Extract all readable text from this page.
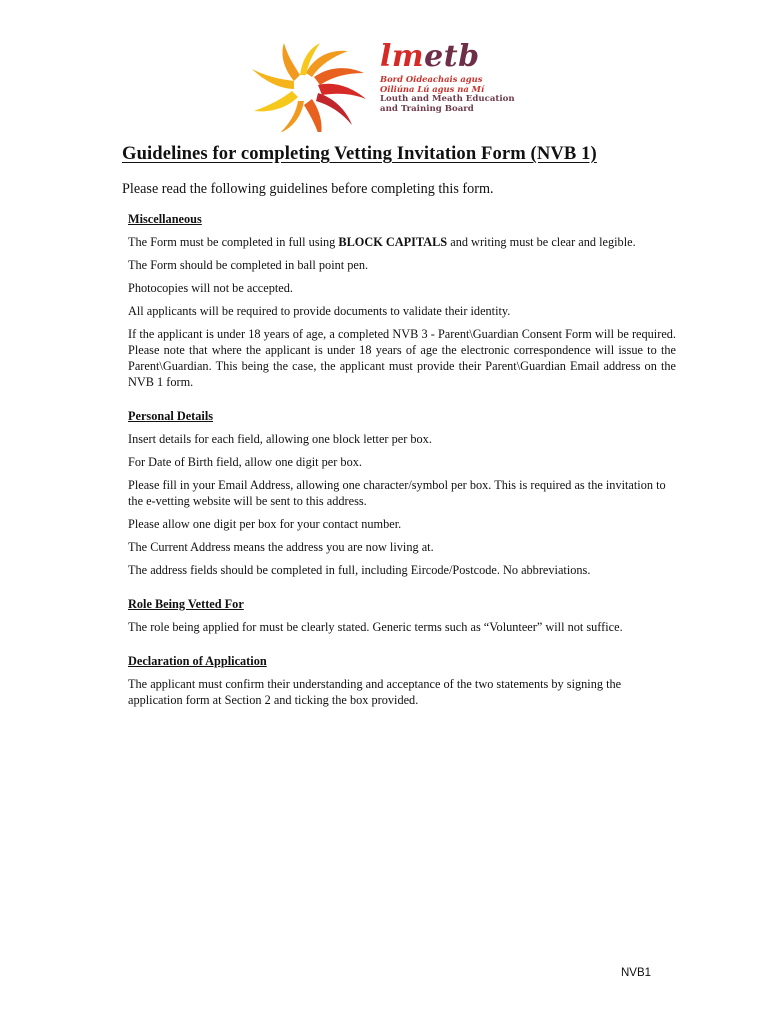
lmetb
Bord Oideachais agus
Oiliúna Lú agus na Mí
Louth and Meath Education
and Training Board
Guidelines for completing Vetting Invitation Form (NVB 1)
Please read the following guidelines before completing this form.
Miscellaneous
The Form must be completed in full using BLOCK CAPITALS and writing must be clear and legible.
The Form should be completed in ball point pen.
Photocopies will not be accepted.
All applicants will be required to provide documents to validate their identity.
If the applicant is under 18 years of age, a completed NVB 3 - Parent\Guardian Consent Form will be required. Please note that where the applicant is under 18 years of age the electronic correspondence will issue to the Parent\Guardian. This being the case, the applicant must provide their Parent\Guardian Email address on the NVB 1 form.
Personal Details
Insert details for each field, allowing one block letter per box.
For Date of Birth field, allow one digit per box.
Please fill in your Email Address, allowing one character/symbol per box. This is required as the invitation to the e-vetting website will be sent to this address.
Please allow one digit per box for your contact number.
The Current Address means the address you are now living at.
The address fields should be completed in full, including Eircode/Postcode. No abbreviations.
Role Being Vetted For
The role being applied for must be clearly stated. Generic terms such as “Volunteer” will not suffice.
Declaration of Application
The applicant must confirm their understanding and acceptance of the two statements by signing the application form at Section 2 and ticking the box provided.
NVB1
